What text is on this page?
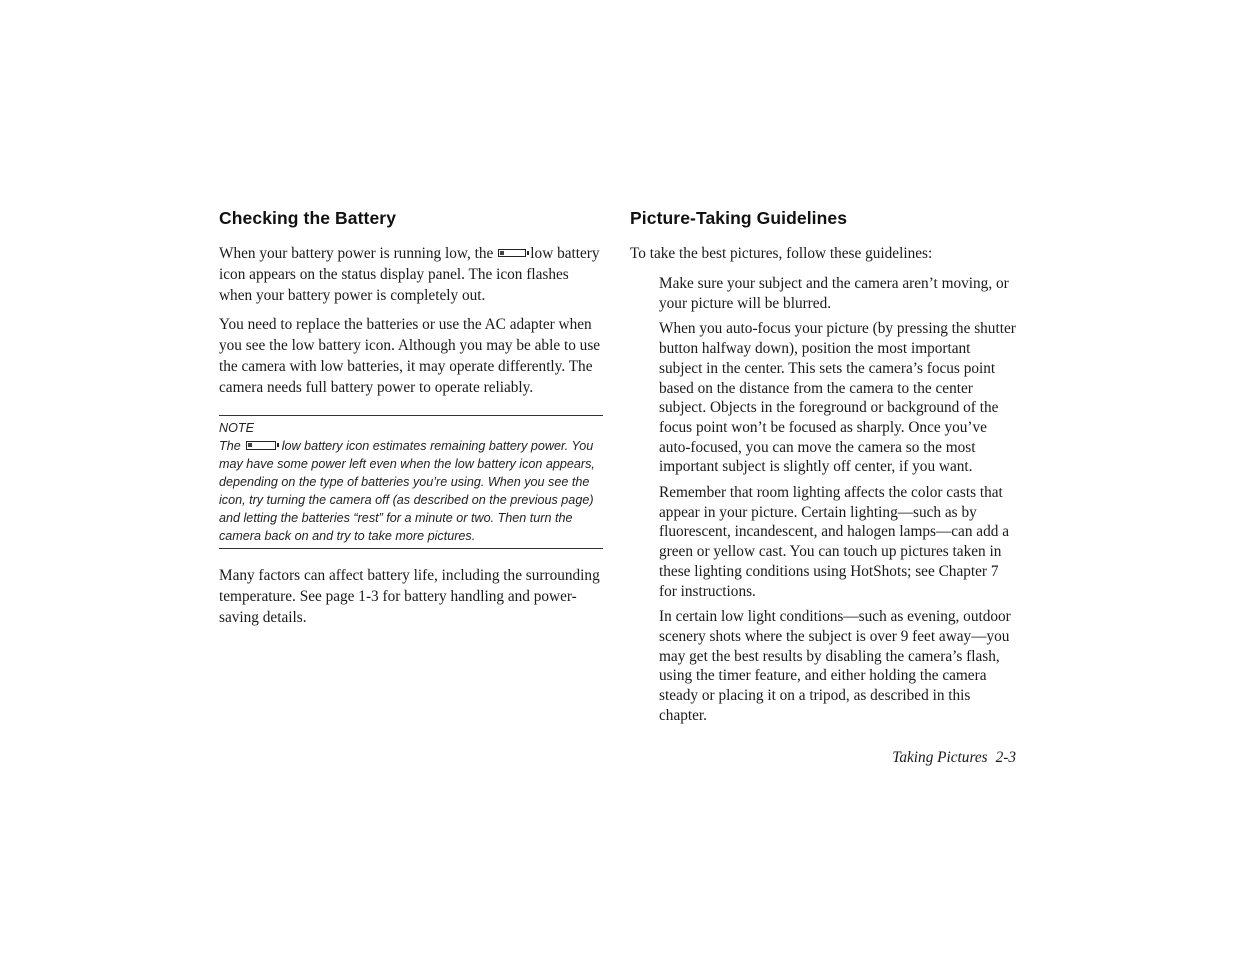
Checking the Battery

When your battery power is running low, the low battery icon appears on the status display panel. The icon flashes when your battery power is completely out.

You need to replace the batteries or use the AC adapter when you see the low battery icon. Although you may be able to use the camera with low batteries, it may operate differently. The camera needs full battery power to operate reliably.

NOTE

The	low battery icon estimates remaining battery power. You may have some power left even when the low battery icon appears, depending on the type of batteries you’re using. When you see the icon, try turning the camera off (as described on the previous page) and letting the batteries “rest” for a minute or two. Then turn the camera back on and try to take more pictures.

Many factors can affect battery life, including the surrounding temperature. See page 1-3 for battery handling and power-saving details.

Picture-Taking Guidelines

To take the best pictures, follow these guidelines:

Make sure your subject and the camera aren’t moving, or your picture will be blurred.
When you auto-focus your picture (by pressing the shutter button halfway down), position the most important subject in the center. This sets the camera’s focus point based on the distance from the camera to the center subject. Objects in the foreground or background of the focus point won’t be focused as sharply. Once you’ve auto-focused, you can move the camera so the most important subject is slightly off center, if you want.
Remember that room lighting affects the color casts that appear in your picture. Certain lighting—such as by fluorescent, incandescent, and halogen lamps—can add a green or yellow cast. You can touch up pictures taken in these lighting conditions using HotShots; see Chapter 7 for instructions.
In certain low light conditions—such as evening, outdoor scenery shots where the subject is over 9 feet away—you may get the best results by disabling the camera’s flash, using the timer feature, and either holding the camera steady or placing it on a tripod, as described in this chapter.
Taking Pictures 2-3
